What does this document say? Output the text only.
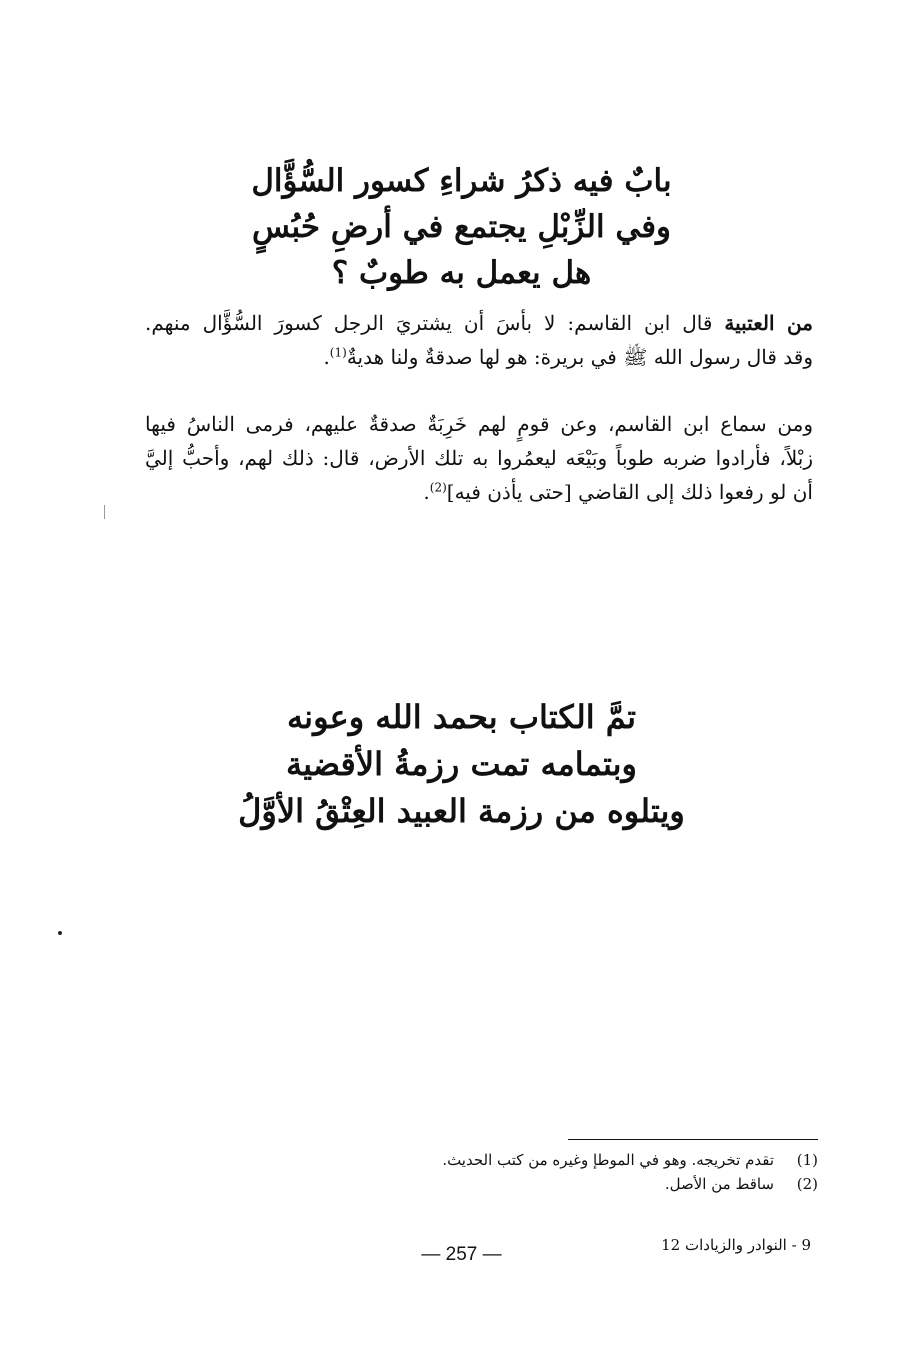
بابٌ فيه ذكرُ شراءِ كسور السُّؤَّال
وفي الزِّبْلِ يجتمع في أرضِ حُبُسٍ
هل يعمل به طوبٌ ؟
من العتبية قال ابن القاسم: لا بأسَ أن يشتريَ الرجل كسورَ السُّؤَّال منهم.
وقد قال رسول الله ﷺ في بريرة: هو لها صدقةٌ ولنا هديةٌ$^{(1)}$.
ومن سماع ابن القاسم، وعن قومٍ لهم خَرِبَةٌ صدقةٌ عليهم، فرمى الناسُ فيها
زبْلاً، فأرادوا ضربه طوباً وبَيْعَه ليعمُروا به تلك الأرض، قال: ذلك لهم، وأحبُّ إليَّ
أن لو رفعوا ذلك إلى القاضي [حتى يأذن فيه]$^{(2)}$.
تمَّ الكتاب بحمد الله وعونه
وبتمامه تمت رزمةُ الأقضية
ويتلوه من رزمة العبيد العِتْقُ الأوَّلُ
(1)
تقدم تخريجه. وهو في الموطإ وغيره من كتب الحديث.
(2)
ساقط من الأصل.
9 - النوادر والزيادات 12
— 257 —
